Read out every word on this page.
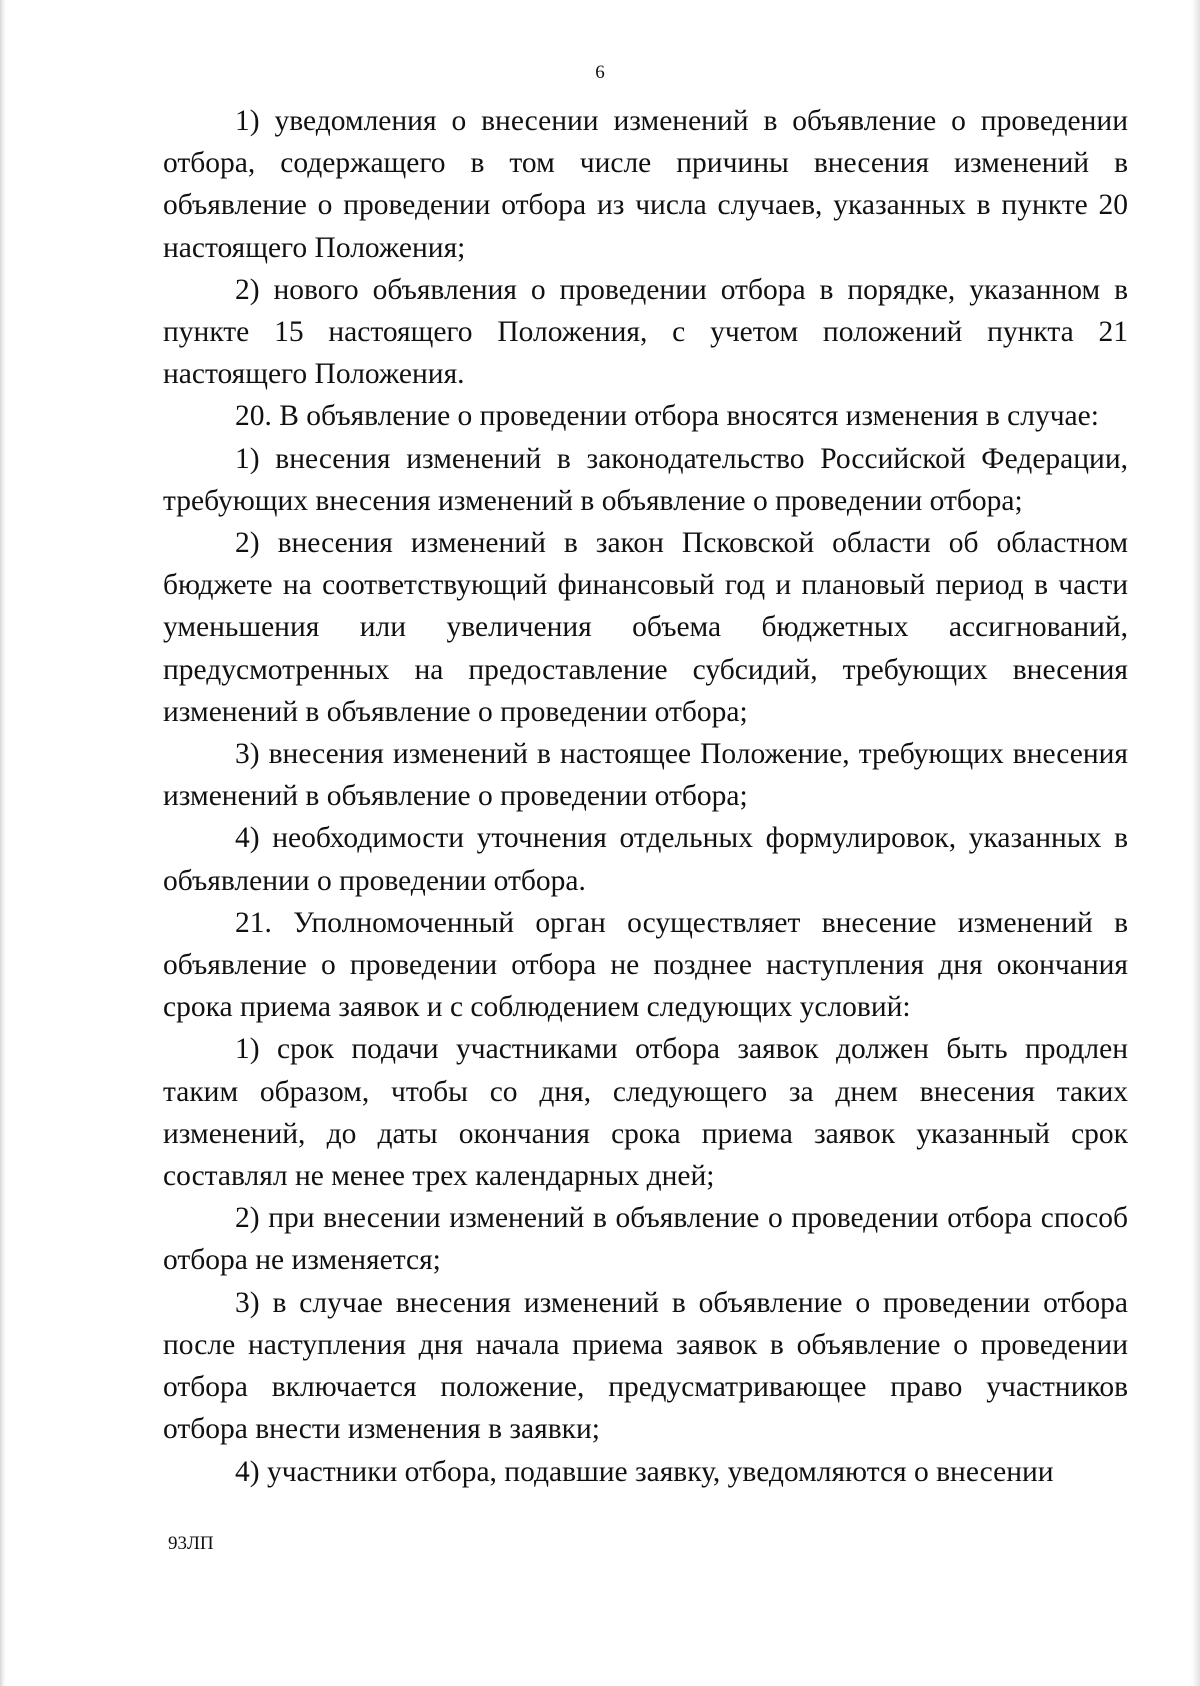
6

1) уведомления о внесении изменений в объявление о проведении отбора, содержащего в том числе причины внесения изменений в объявление о проведении отбора из числа случаев, указанных в пункте 20 настоящего Положения;

2) нового объявления о проведении отбора в порядке, указанном в пункте 15 настоящего Положения, с учетом положений пункта 21 настоящего Положения.

20. В объявление о проведении отбора вносятся изменения в случае:

1) внесения изменений в законодательство Российской Федерации, требующих внесения изменений в объявление о проведении отбора;

2) внесения изменений в закон Псковской области об областном бюджете на соответствующий финансовый год и плановый период в части уменьшения или увеличения объема бюджетных ассигнований, предусмотренных на предоставление субсидий, требующих внесения изменений в объявление о проведении отбора;

3) внесения изменений в настоящее Положение, требующих внесения изменений в объявление о проведении отбора;

4) необходимости уточнения отдельных формулировок, указанных в объявлении о проведении отбора.

21. Уполномоченный орган осуществляет внесение изменений в объявление о проведении отбора не позднее наступления дня окончания срока приема заявок и с соблюдением следующих условий:

1) срок подачи участниками отбора заявок должен быть продлен таким образом, чтобы со дня, следующего за днем внесения таких изменений, до даты окончания срока приема заявок указанный срок составлял не менее трех календарных дней;

2) при внесении изменений в объявление о проведении отбора способ отбора не изменяется;

3) в случае внесения изменений в объявление о проведении отбора после наступления дня начала приема заявок в объявление о проведении отбора включается положение, предусматривающее право участников отбора внести изменения в заявки;

4) участники отбора, подавшие заявку, уведомляются о внесении

93ЛП
